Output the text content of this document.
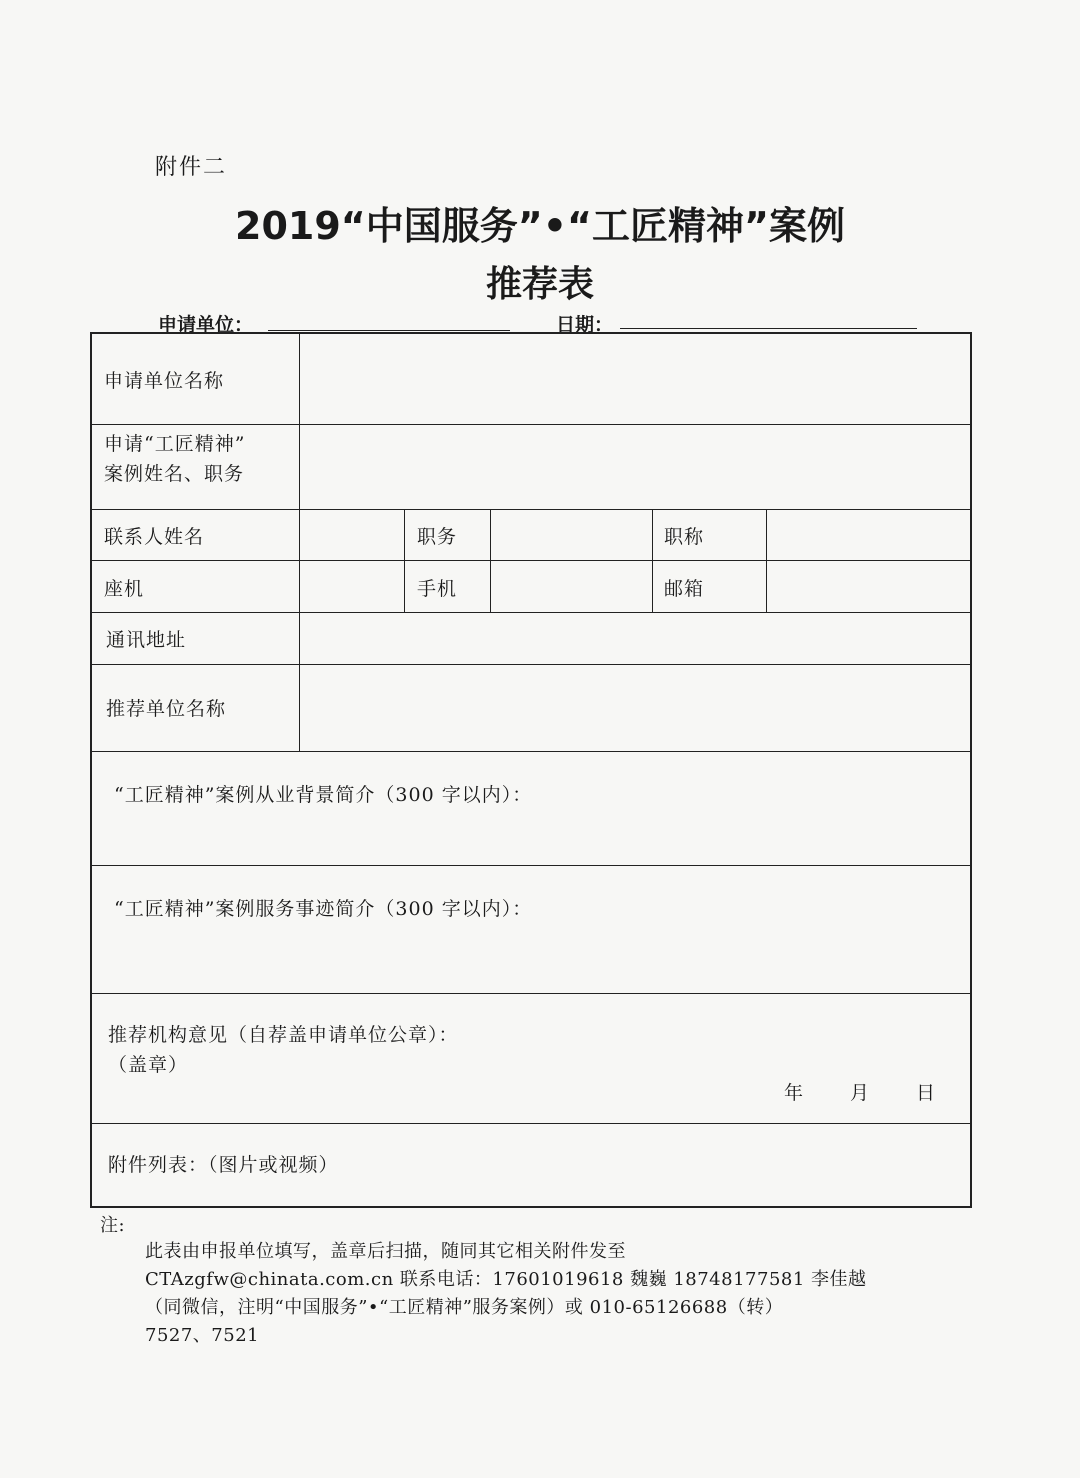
附件二
2019“中国服务”•“工匠精神”案例
推荐表
申请单位：	日期：
申请单位名称
申请“工匠精神”
案例姓名、职务
联系人姓名	职务	职称
座机	手机	邮箱
通讯地址
推荐单位名称
“工匠精神”案例从业背景简介（300 字以内）：
“工匠精神”案例服务事迹简介（300 字以内）：
推荐机构意见（自荐盖申请单位公章）：
（盖章）
年 月 日
附件列表：（图片或视频）
注:
此表由申报单位填写，盖章后扫描，随同其它相关附件发至
CTAzgfw@chinata.com.cn 联系电话：17601019618 魏巍 18748177581 李佳越
（同微信，注明“中国服务”•“工匠精神”服务案例）或 010-65126688（转）
7527、7521
